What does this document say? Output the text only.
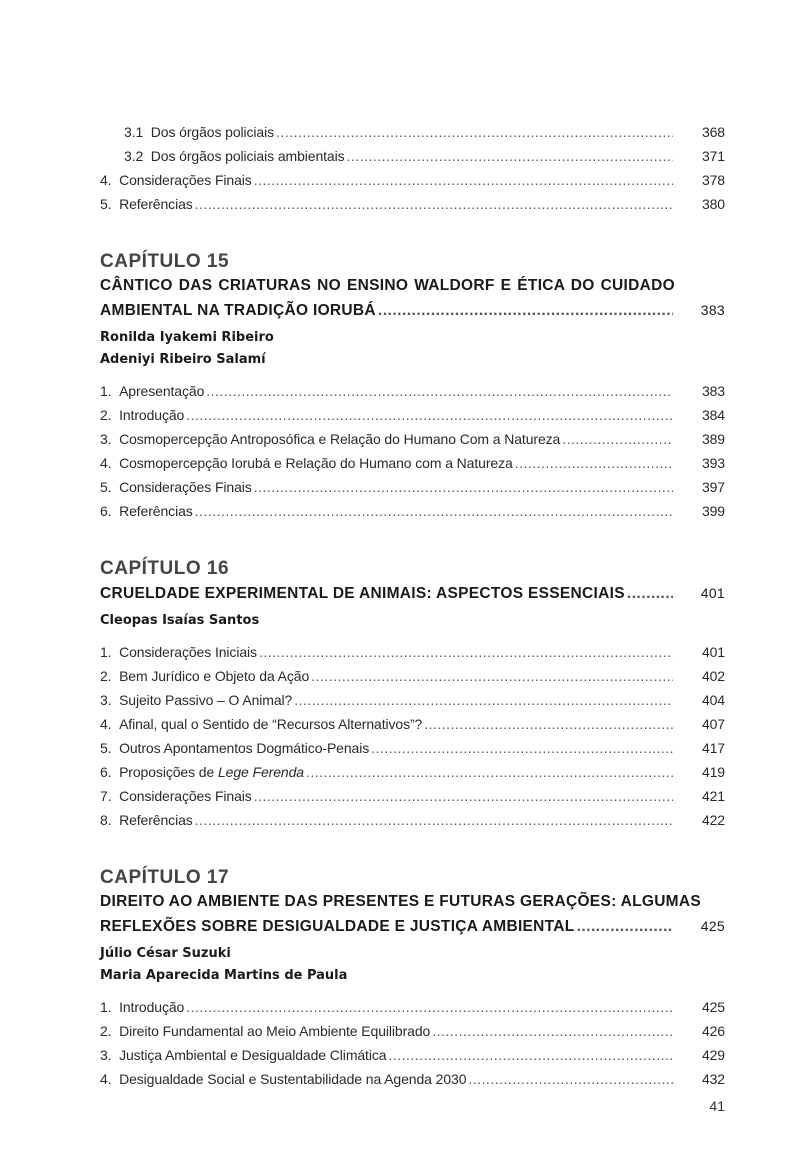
3.1 Dos órgãos policiais .....	368
3.2 Dos órgãos policiais ambientais .....	371
4. Considerações Finais .....	378
5. Referências .....	380
CAPÍTULO 15
CÂNTICO DAS CRIATURAS NO ENSINO WALDORF E ÉTICA DO CUIDADO
AMBIENTAL NA TRADIÇÃO IORUBÁ .....	383
Ronilda Iyakemi Ribeiro
Adeniyi Ribeiro Salamí
1. Apresentação .....	383
2. Introdução .....	384
3. Cosmopercepção Antroposófica e Relação do Humano Com a Natureza .....	389
4. Cosmopercepção Iorubá e Relação do Humano com a Natureza .....	393
5. Considerações Finais .....	397
6. Referências .....	399
CAPÍTULO 16
CRUELDADE EXPERIMENTAL DE ANIMAIS: ASPECTOS ESSENCIAIS .....	401
Cleopas Isaías Santos
1. Considerações Iniciais .....	401
2. Bem Jurídico e Objeto da Ação .....	402
3. Sujeito Passivo – O Animal? .....	404
4. Afinal, qual o Sentido de “Recursos Alternativos”? .....	407
5. Outros Apontamentos Dogmático-Penais .....	417
6. Proposições de Lege Ferenda .....	419
7. Considerações Finais .....	421
8. Referências .....	422
CAPÍTULO 17
DIREITO AO AMBIENTE DAS PRESENTES E FUTURAS GERAÇÕES: ALGUMAS
REFLEXÕES SOBRE DESIGUALDADE E JUSTIÇA AMBIENTAL .....	425
Júlio César Suzuki
Maria Aparecida Martins de Paula
1. Introdução .....	425
2. Direito Fundamental ao Meio Ambiente Equilibrado .....	426
3. Justiça Ambiental e Desigualdade Climática .....	429
4. Desigualdade Social e Sustentabilidade na Agenda 2030 .....	432
41
